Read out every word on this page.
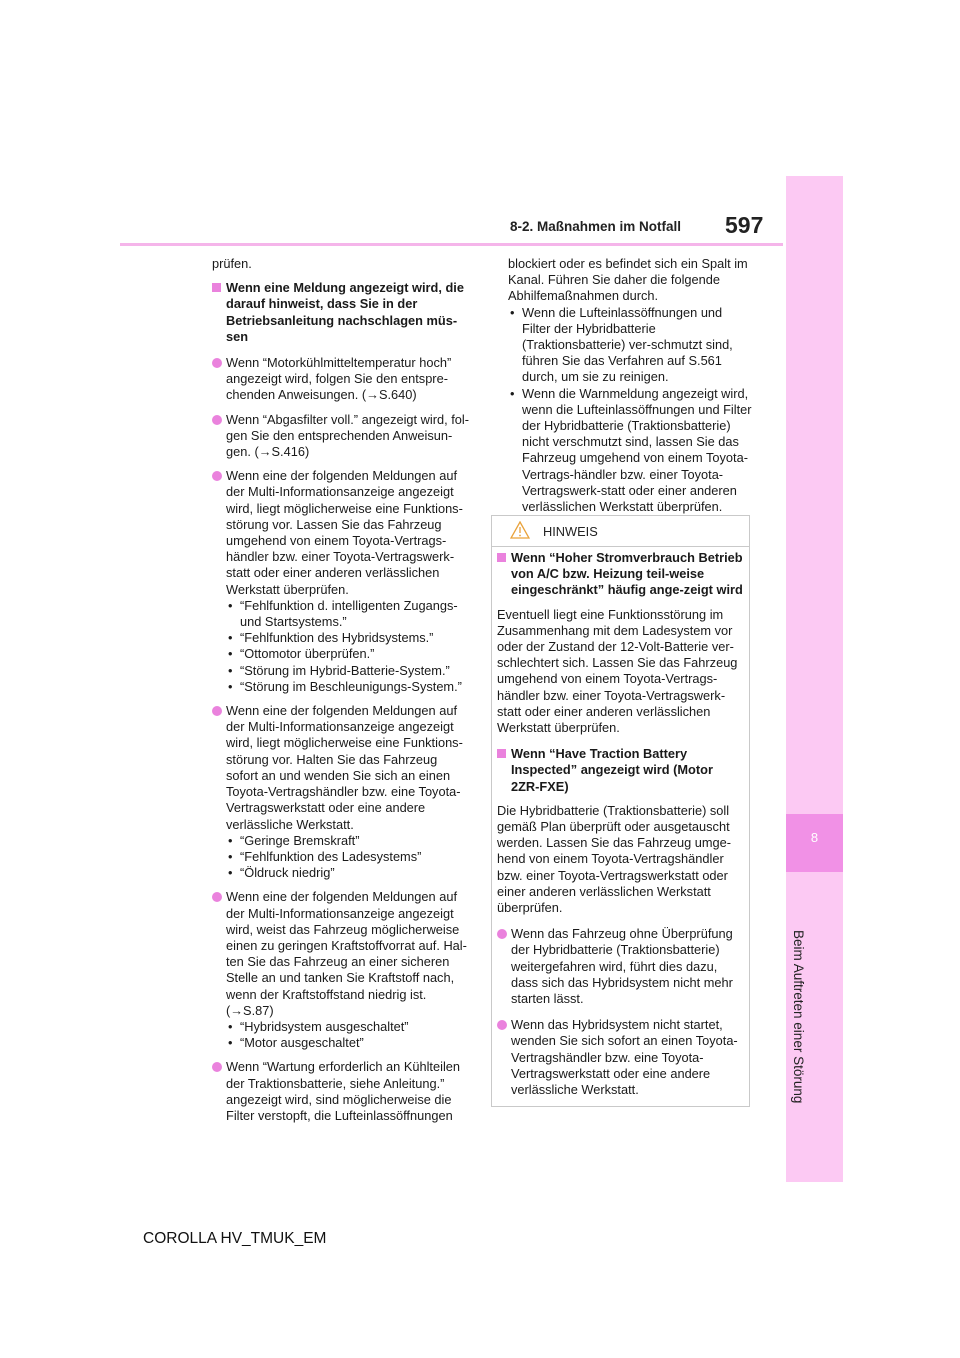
8
Beim Auftreten einer Störung
8-2. Maßnahmen im Notfall 597

prüfen.

Wenn eine Meldung angezeigt wird, die darauf hinweist, dass Sie in der Betriebsanleitung nachschlagen müs-sen
Wenn “Motorkühlmitteltemperatur hoch” angezeigt wird, folgen Sie den entspre-chenden Anweisungen. (→S.640)
Wenn “Abgasfilter voll.” angezeigt wird, fol-gen Sie den entsprechenden Anweisun-gen. (→S.416)
Wenn eine der folgenden Meldungen auf der Multi-Informationsanzeige angezeigt wird, liegt möglicherweise eine Funktions-störung vor. Lassen Sie das Fahrzeug umgehend von einem Toyota-Vertrags-händler bzw. einer Toyota-Vertragswerk-statt oder einer anderen verlässlichen Werkstatt überprüfen.
• “Fehlfunktion d. intelligenten Zugangs- und Startsystems.”
• “Fehlfunktion des Hybridsystems.”
• “Ottomotor überprüfen.”
• “Störung im Hybrid-Batterie-System.”
• “Störung im Beschleunigungs-System.”
Wenn eine der folgenden Meldungen auf der Multi-Informationsanzeige angezeigt wird, liegt möglicherweise eine Funktions-störung vor. Halten Sie das Fahrzeug sofort an und wenden Sie sich an einen Toyota-Vertragshändler bzw. eine Toyota-Vertragswerkstatt oder eine andere verlässliche Werkstatt.
• “Geringe Bremskraft”
• “Fehlfunktion des Ladesystems”
• “Öldruck niedrig”
Wenn eine der folgenden Meldungen auf der Multi-Informationsanzeige angezeigt wird, weist das Fahrzeug möglicherweise einen zu geringen Kraftstoffvorrat auf. Hal-ten Sie das Fahrzeug an einer sicheren Stelle an und tanken Sie Kraftstoff nach, wenn der Kraftstoffstand niedrig ist. (→S.87)
• “Hybridsystem ausgeschaltet”
• “Motor ausgeschaltet”
Wenn “Wartung erforderlich an Kühlteilen der Traktionsbatterie, siehe Anleitung.” angezeigt wird, sind möglicherweise die Filter verstopft, die Lufteinlassöffnungen

blockiert oder es befindet sich ein Spalt im Kanal. Führen Sie daher die folgende Abhilfemaßnahmen durch.

• Wenn die Lufteinlassöffnungen und Filter der Hybridbatterie (Traktionsbatterie) ver-schmutzt sind, führen Sie das Verfahren auf S.561 durch, um sie zu reinigen.
• Wenn die Warnmeldung angezeigt wird, wenn die Lufteinlassöffnungen und Filter der Hybridbatterie (Traktionsbatterie) nicht verschmutzt sind, lassen Sie das Fahrzeug umgehend von einem Toyota-Vertrags-händler bzw. einer Toyota-Vertragswerk-statt oder einer anderen verlässlichen Werkstatt überprüfen.
HINWEIS
Wenn “Hoher Stromverbrauch Betrieb von A/C bzw. Heizung teil-weise eingeschränkt” häufig ange-zeigt wird

Eventuell liegt eine Funktionsstörung im Zusammenhang mit dem Ladesystem vor oder der Zustand der 12-Volt-Batterie ver-schlechtert sich. Lassen Sie das Fahrzeug umgehend von einem Toyota-Vertrags-händler bzw. einer Toyota-Vertragswerk-statt oder einer anderen verlässlichen Werkstatt überprüfen.

Wenn “Have Traction Battery Inspected” angezeigt wird (Motor 2ZR-FXE)

Die Hybridbatterie (Traktionsbatterie) soll gemäß Plan überprüft oder ausgetauscht werden. Lassen Sie das Fahrzeug umge-hend von einem Toyota-Vertragshändler bzw. einer Toyota-Vertragswerkstatt oder einer anderen verlässlichen Werkstatt überprüfen.

Wenn das Fahrzeug ohne Überprüfung der Hybridbatterie (Traktionsbatterie) weitergefahren wird, führt dies dazu, dass sich das Hybridsystem nicht mehr starten lässt.
Wenn das Hybridsystem nicht startet, wenden Sie sich sofort an einen Toyota-Vertragshändler bzw. eine Toyota-Vertragswerkstatt oder eine andere verlässliche Werkstatt.
COROLLA HV_TMUK_EM
